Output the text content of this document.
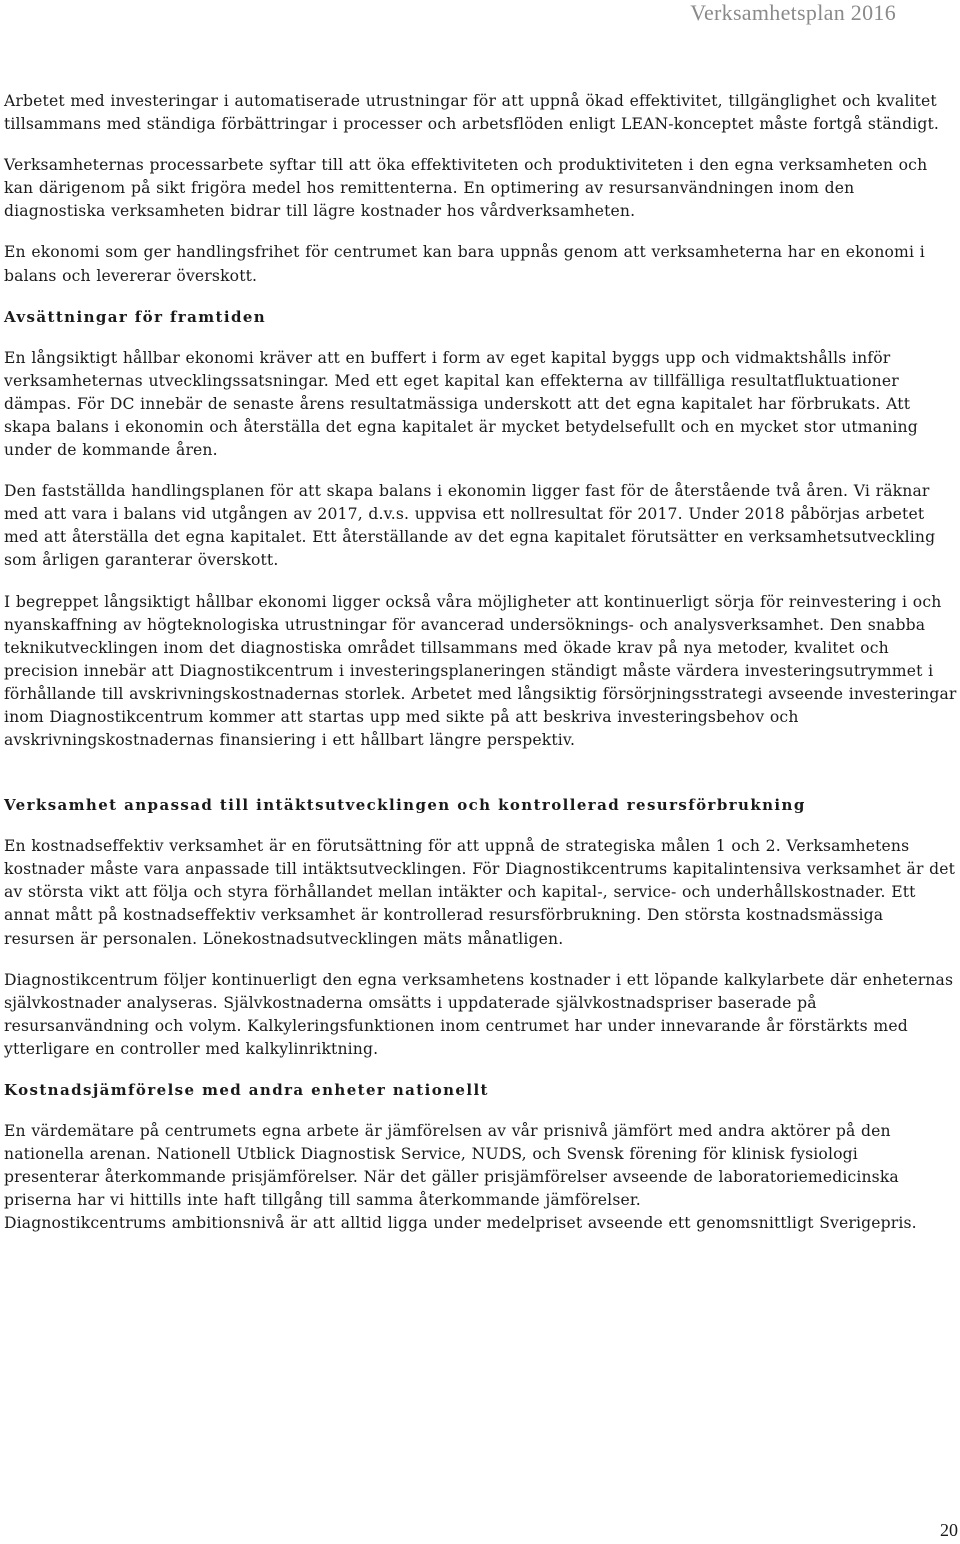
Verksamhetsplan 2016

Arbetet med investeringar i automatiserade utrustningar för att uppnå ökad effektivitet, tillgänglighet och kvalitet tillsammans med ständiga förbättringar i processer och arbetsflöden enligt LEAN-konceptet måste fortgå ständigt.

Verksamheternas processarbete syftar till att öka effektiviteten och produktiviteten i den egna verksamheten och kan därigenom på sikt frigöra medel hos remittenterna. En optimering av resursanvändningen inom den diagnostiska verksamheten bidrar till lägre kostnader hos vårdverksamheten.

En ekonomi som ger handlingsfrihet för centrumet kan bara uppnås genom att verksamheterna har en ekonomi i balans och levererar överskott.

Avsättningar för framtiden

En långsiktigt hållbar ekonomi kräver att en buffert i form av eget kapital byggs upp och vidmaktshålls inför verksamheternas utvecklingssatsningar. Med ett eget kapital kan effekterna av tillfälliga resultatfluktuationer dämpas. För DC innebär de senaste årens resultatmässiga underskott att det egna kapitalet har förbrukats. Att skapa balans i ekonomin och återställa det egna kapitalet är mycket betydelsefullt och en mycket stor utmaning under de kommande åren.

Den fastställda handlingsplanen för att skapa balans i ekonomin ligger fast för de återstående två åren. Vi räknar med att vara i balans vid utgången av 2017, d.v.s. uppvisa ett nollresultat för 2017. Under 2018 påbörjas arbetet med att återställa det egna kapitalet. Ett återställande av det egna kapitalet förutsätter en verksamhetsutveckling som årligen garanterar överskott.

I begreppet långsiktigt hållbar ekonomi ligger också våra möjligheter att kontinuerligt sörja för reinvestering i och nyanskaffning av högteknologiska utrustningar för avancerad undersöknings- och analysverksamhet. Den snabba teknikutvecklingen inom det diagnostiska området tillsammans med ökade krav på nya metoder, kvalitet och precision innebär att Diagnostikcentrum i investeringsplaneringen ständigt måste värdera investeringsutrymmet i förhållande till avskrivningskostnadernas storlek. Arbetet med långsiktig försörjningsstrategi avseende investeringar inom Diagnostikcentrum kommer att startas upp med sikte på att beskriva investeringsbehov och avskrivningskostnadernas finansiering i ett hållbart längre perspektiv.

Verksamhet anpassad till intäktsutvecklingen och kontrollerad resursförbrukning

En kostnadseffektiv verksamhet är en förutsättning för att uppnå de strategiska målen 1 och 2. Verksamhetens kostnader måste vara anpassade till intäktsutvecklingen. För Diagnostikcentrums kapitalintensiva verksamhet är det av största vikt att följa och styra förhållandet mellan intäkter och kapital-, service- och underhållskostnader. Ett annat mått på kostnadseffektiv verksamhet är kontrollerad resursförbrukning. Den största kostnadsmässiga resursen är personalen. Lönekostnadsutvecklingen mäts månatligen.

Diagnostikcentrum följer kontinuerligt den egna verksamhetens kostnader i ett löpande kalkylarbete där enheternas självkostnader analyseras. Självkostnaderna omsätts i uppdaterade självkostnadspriser baserade på resursanvändning och volym. Kalkyleringsfunktionen inom centrumet har under innevarande år förstärkts med ytterligare en controller med kalkylinriktning.

Kostnadsjämförelse med andra enheter nationellt

En värdemätare på centrumets egna arbete är jämförelsen av vår prisnivå jämfört med andra aktörer på den nationella arenan. Nationell Utblick Diagnostisk Service, NUDS, och Svensk förening för klinisk fysiologi presenterar återkommande prisjämförelser. När det gäller prisjämförelser avseende de laboratoriemedicinska priserna har vi hittills inte haft tillgång till samma återkommande jämförelser.

Diagnostikcentrums ambitionsnivå är att alltid ligga under medelpriset avseende ett genomsnittligt Sverigepris.

20
